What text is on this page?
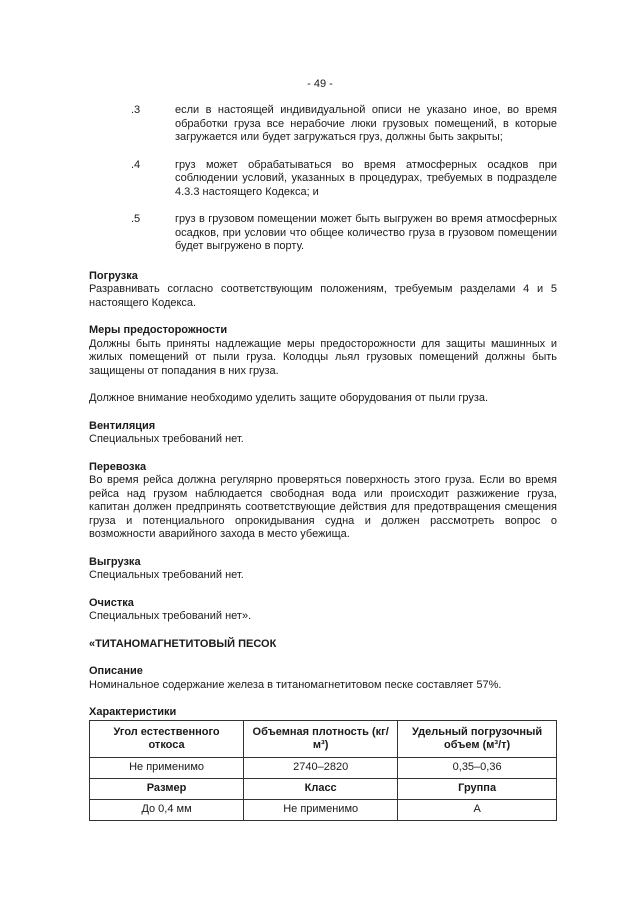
- 49 -
.3	если в настоящей индивидуальной описи не указано иное, во время обработки груза все нерабочие люки грузовых помещений, в которые загружается или будет загружаться груз, должны быть закрыты;
.4	груз может обрабатываться во время атмосферных осадков при соблюдении условий, указанных в процедурах, требуемых в подразделе 4.3.3 настоящего Кодекса; и
.5	груз в грузовом помещении может быть выгружен во время атмосферных осадков, при условии что общее количество груза в грузовом помещении будет выгружено в порту.
Погрузка
Разравнивать согласно соответствующим положениям, требуемым разделами 4 и 5 настоящего Кодекса.
Меры предосторожности
Должны быть приняты надлежащие меры предосторожности для защиты машинных и жилых помещений от пыли груза. Колодцы льял грузовых помещений должны быть защищены от попадания в них груза.
Должное внимание необходимо уделить защите оборудования от пыли груза.
Вентиляция
Специальных требований нет.
Перевозка
Во время рейса должна регулярно проверяться поверхность этого груза. Если во время рейса над грузом наблюдается свободная вода или происходит разжижение груза, капитан должен предпринять соответствующие действия для предотвращения смещения груза и потенциального опрокидывания судна и должен рассмотреть вопрос о возможности аварийного захода в место убежища.
Выгрузка
Специальных требований нет.
Очистка
Специальных требований нет».
«ТИТАНОМАГНЕТИТОВЫЙ ПЕСОК
Описание
Номинальное содержание железа в титаномагнетитовом песке составляет 57%.
Характеристики
Угол естественного откоса	Объемная плотность (кг/м³)	Удельный погрузочный объем (м³/т)
Не применимо	2740–2820	0,35–0,36
Размер	Класс	Группа
До 0,4 мм	Не применимо	A
